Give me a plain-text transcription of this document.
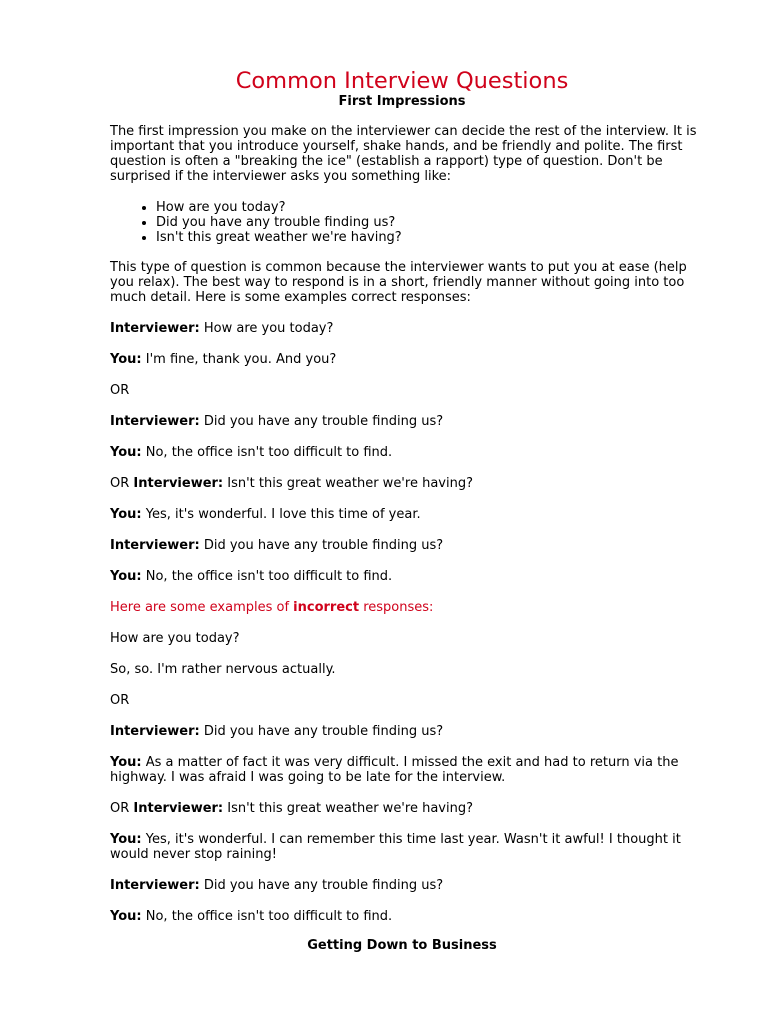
Common Interview Questions
First Impressions

The first impression you make on the interviewer can decide the rest of the interview. It is important that you introduce yourself, shake hands, and be friendly and polite. The first question is often a "breaking the ice" (establish a rapport) type of question. Don't be surprised if the interviewer asks you something like:

• How are you today?
• Did you have any trouble finding us?
• Isn't this great weather we're having?

This type of question is common because the interviewer wants to put you at ease (help you relax). The best way to respond is in a short, friendly manner without going into too much detail. Here is some examples correct responses:

Interviewer: How are you today?

You: I'm fine, thank you. And you?

OR

Interviewer: Did you have any trouble finding us?

You: No, the office isn't too difficult to find.

OR Interviewer: Isn't this great weather we're having?

You: Yes, it's wonderful. I love this time of year.

Interviewer: Did you have any trouble finding us?

You: No, the office isn't too difficult to find.

Here are some examples of incorrect responses:

How are you today?

So, so. I'm rather nervous actually.

OR

Interviewer: Did you have any trouble finding us?

You: As a matter of fact it was very difficult. I missed the exit and had to return via the highway. I was afraid I was going to be late for the interview.

OR Interviewer: Isn't this great weather we're having?

You: Yes, it's wonderful. I can remember this time last year. Wasn't it awful! I thought it would never stop raining!

Interviewer: Did you have any trouble finding us?

You: No, the office isn't too difficult to find.

Getting Down to Business
